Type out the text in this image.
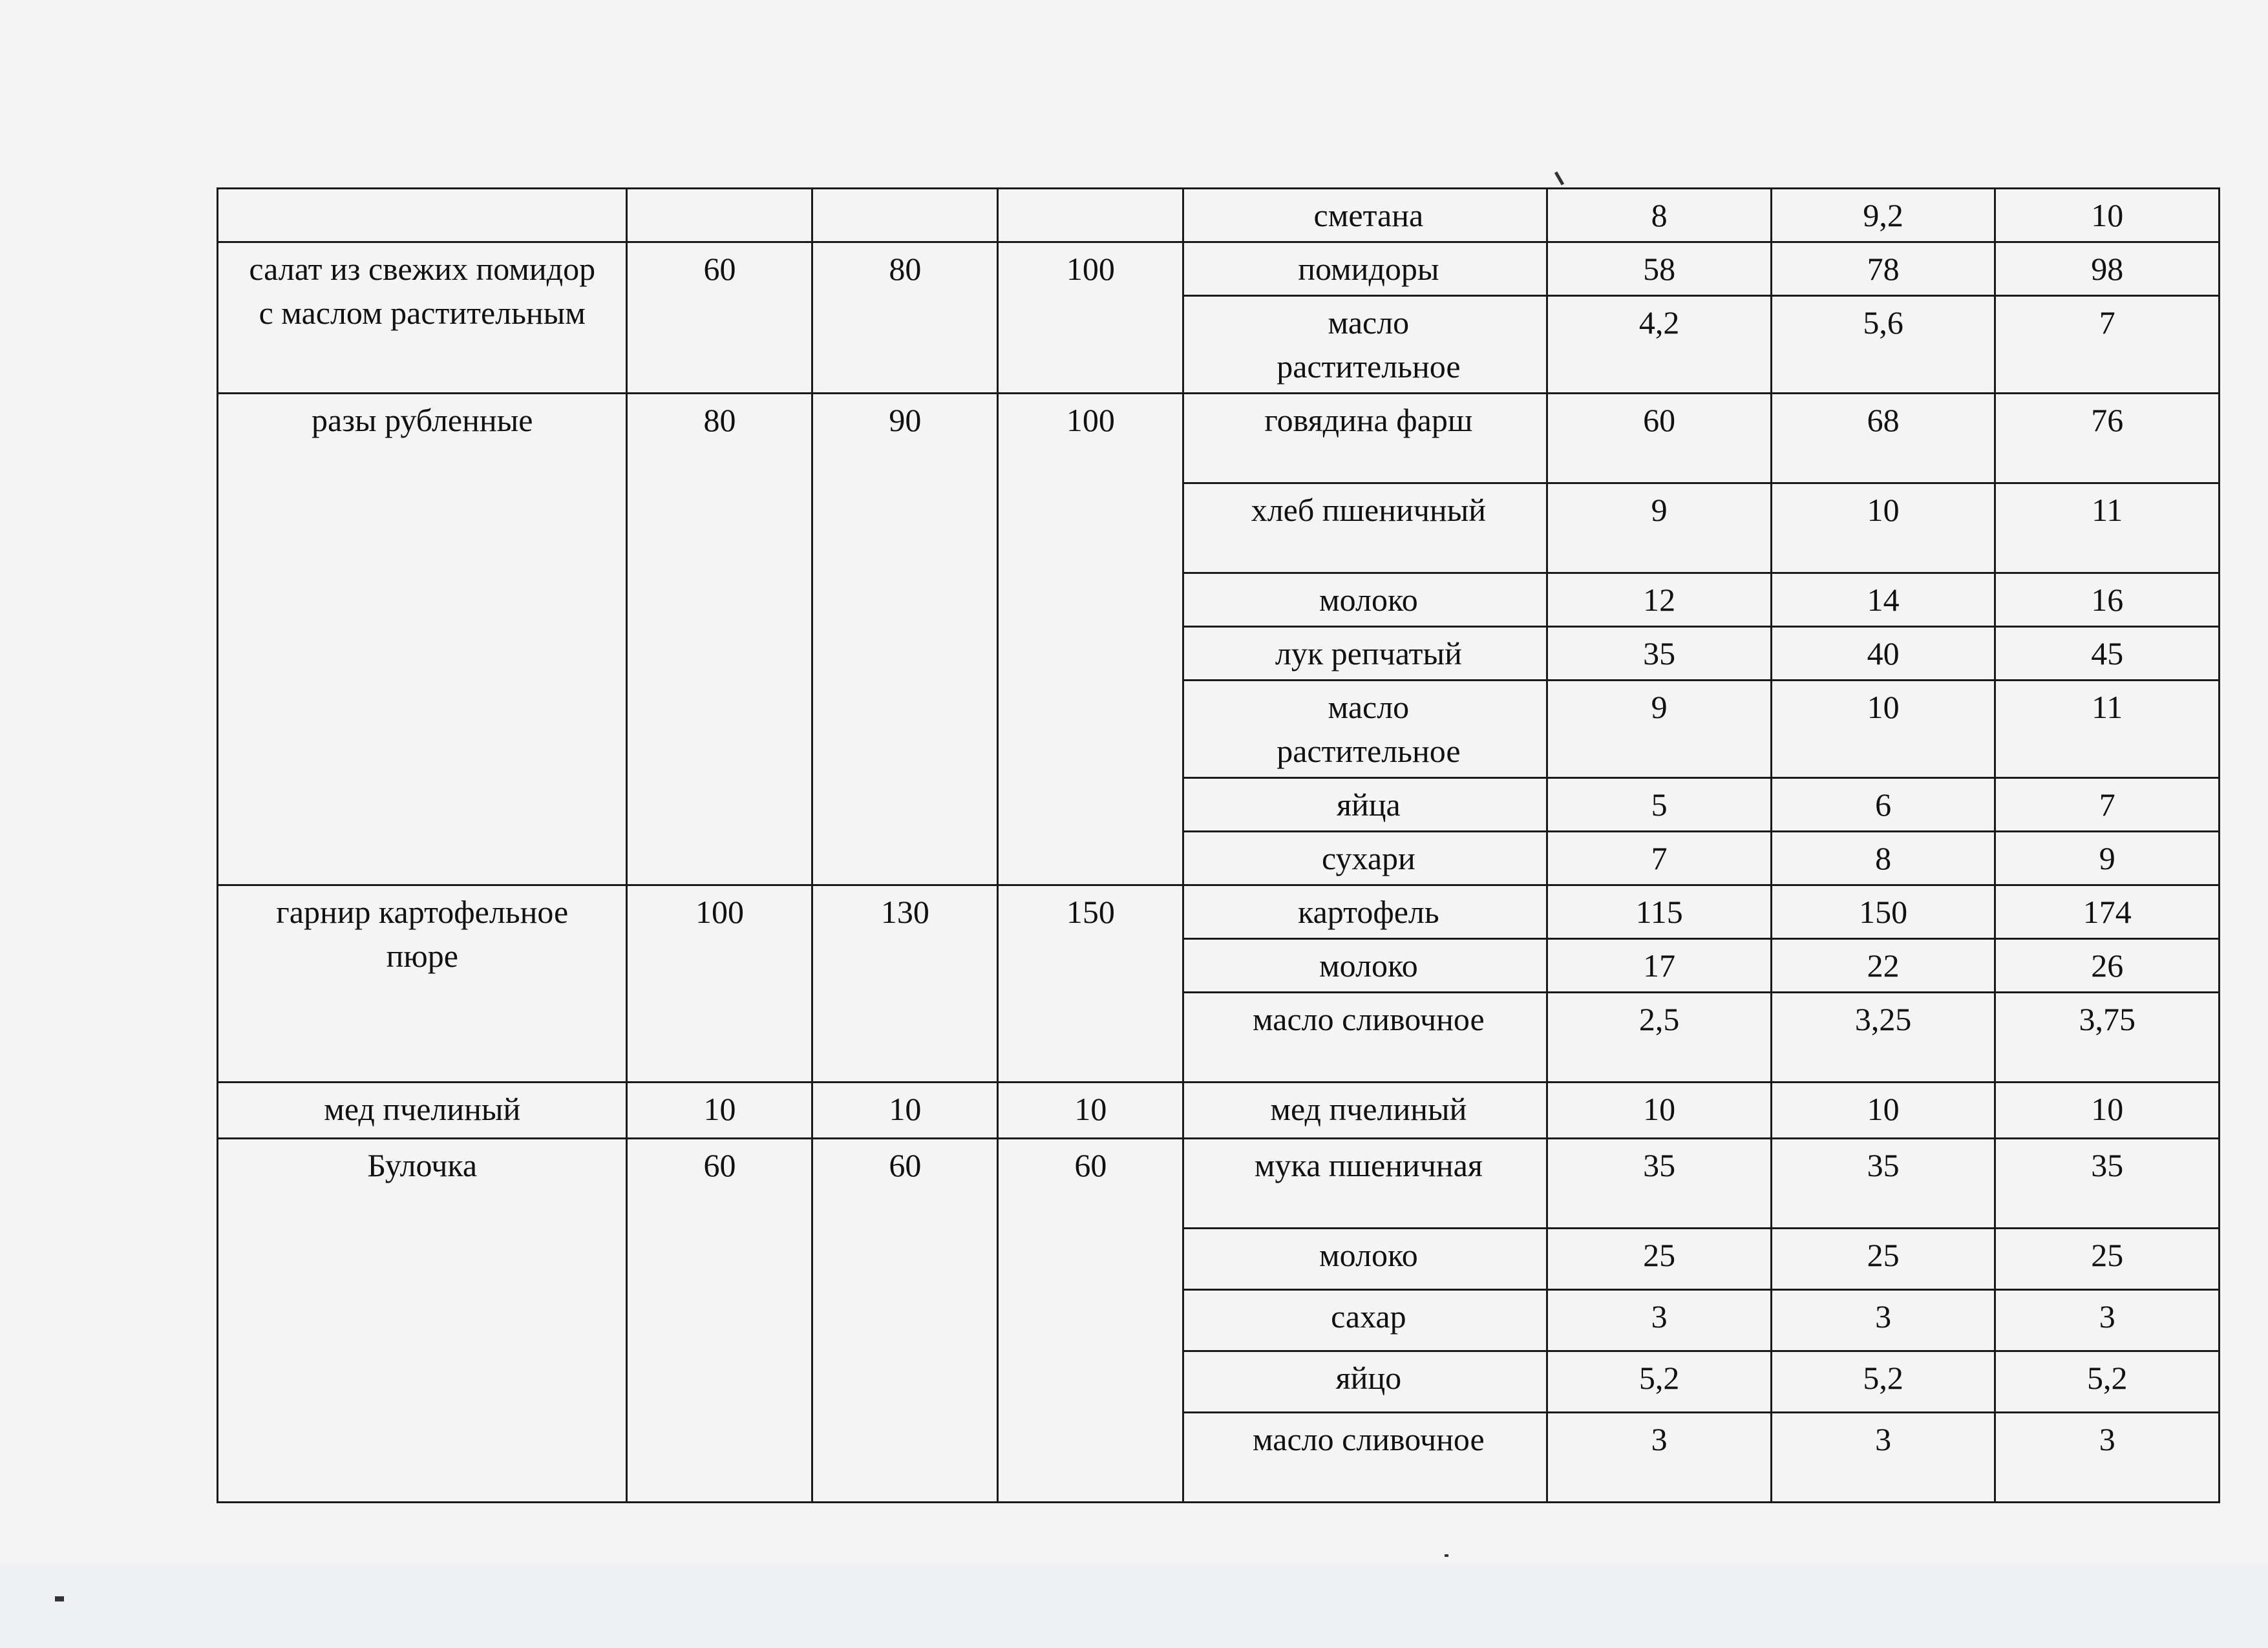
				сметана	8	9,2	10
салат из свежих помидор с маслом растительным	60	80	100	помидоры	58	78	98
				масло растительное	4,2	5,6	7
разы рубленные	80	90	100	говядина фарш	60	68	76
				хлеб пшеничный	9	10	11
				молоко	12	14	16
				лук репчатый	35	40	45
				масло растительное	9	10	11
				яйца	5	6	7
				сухари	7	8	9
гарнир картофельное пюре	100	130	150	картофель	115	150	174
				молоко	17	22	26
				масло сливочное	2,5	3,25	3,75
мед пчелиный	10	10	10	мед пчелиный	10	10	10
Булочка	60	60	60	мука пшеничная	35	35	35
				молоко	25	25	25
				сахар	3	3	3
				яйцо	5,2	5,2	5,2
				масло сливочное	3	3	3
